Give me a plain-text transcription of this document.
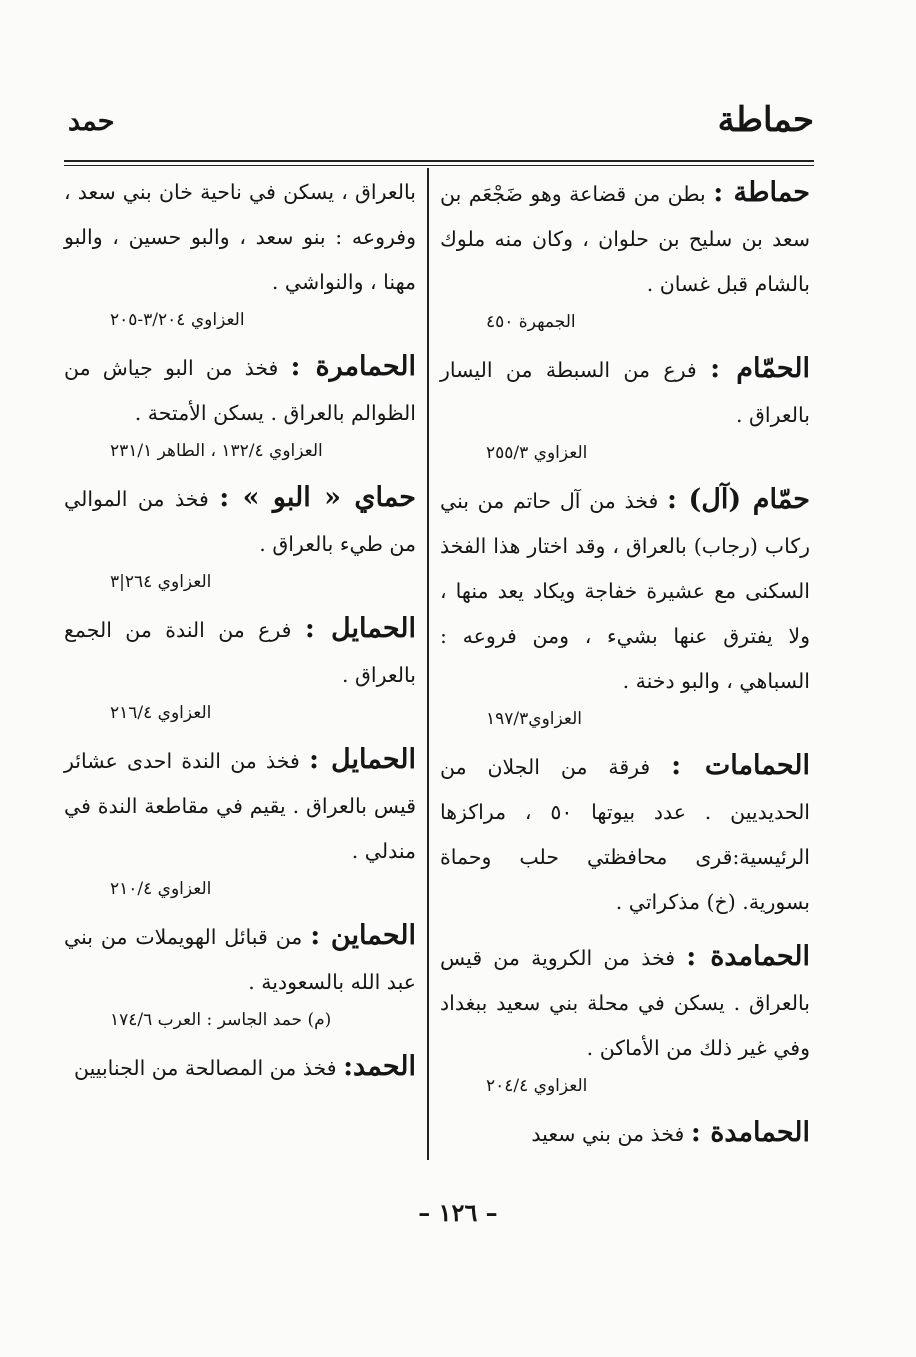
حماطة
حمد
حماطة : بطن من قضاعة وهو ضَجْعَم بن سعد بن سليح بن حلوان ، وكان منه ملوك بالشام قبل غسان .
الجمهرة ٤٥٠
الحمّام : فرع من السبطة من اليسار بالعراق .
العزاوي ٢٥٥/٣
حمّام (آل) : فخذ من آل حاتم من بني ركاب (رجاب) بالعراق ، وقد اختار هذا الفخذ السكنى مع عشيرة خفاجة ويكاد يعد منها ، ولا يفترق عنها بشيء ، ومن فروعه : السباهي ، والبو دخنة .
العزاوي١٩٧/٣
الحمامات : فرقة من الجلان من الحديديين . عدد بيوتها ٥٠ ، مراكزها الرئيسية:قرى محافظتي حلب وحماة بسورية. (خ) مذكراتي .
الحمامدة : فخذ من الكروية من قيس بالعراق . يسكن في محلة بني سعيد ببغداد وفي غير ذلك من الأماكن .
العزاوي ٢٠٤/٤
الحمامدة : فخذ من بني سعيد
بالعراق ، يسكن في ناحية خان بني سعد ، وفروعه : بنو سعد ، والبو حسين ، والبو مهنا ، والنواشي .
العزاوي ٣/٢٠٤-٢٠٥
الحمامرة : فخذ من البو جياش من الظوالم بالعراق . يسكن الأمتحة .
العزاوي ١٣٢/٤ ، الطاهر ٢٣١/١
حماي « البو » : فخذ من الموالي من طيء بالعراق .
العزاوي ٢٦٤|٣
الحمايل : فرع من الندة من الجمع بالعراق .
العزاوي ٢١٦/٤
الحمايل : فخذ من الندة احدى عشائر قيس بالعراق . يقيم في مقاطعة الندة في مندلي .
العزاوي ٢١٠/٤
الحماين : من قبائل الهويملات من بني عبد الله بالسعودية .
(م) حمد الجاسر : العرب ١٧٤/٦
الحمد: فخذ من المصالحة من الجنابيين
– ١٢٦ –
